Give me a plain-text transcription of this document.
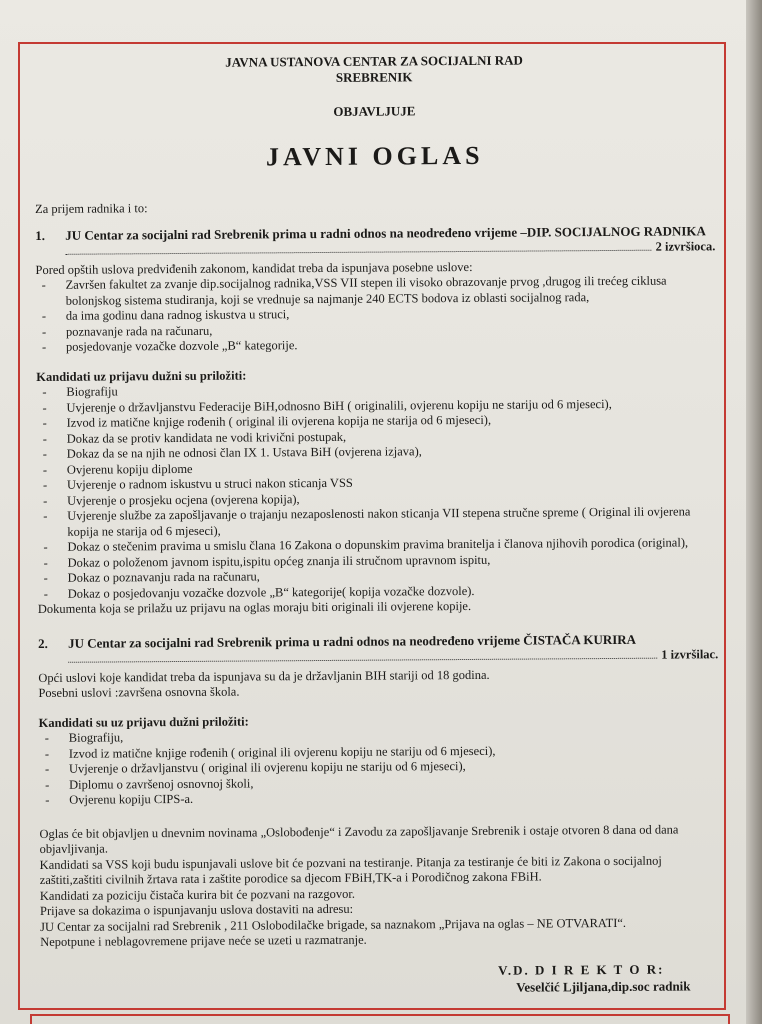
JAVNA USTANOVA CENTAR ZA SOCIJALNI RAD
SREBRENIK
OBJAVLJUJE
JAVNI OGLAS

Za prijem radnika i to:

1. JU Centar za socijalni rad Srebrenik prima u radni odnos na neodređeno vrijeme –DIP. SOCIJALNOG RADNIKA
2 izvršioca.

Pored opštih uslova predviđenih zakonom, kandidat treba da ispunjava posebne uslove:

- Završen fakultet za zvanje dip.socijalnog radnika,VSS VII stepen ili visoko obrazovanje prvog ,drugog ili trećeg ciklusa bolonjskog sistema studiranja, koji se vrednuje sa najmanje 240 ECTS bodova iz oblasti socijalnog rada,
- da ima godinu dana radnog iskustva u struci,
- poznavanje rada na računaru,
- posjedovanje vozačke dozvole „B“ kategorije.

Kandidati uz prijavu dužni su priložiti:

- Biografiju
- Uvjerenje o državljanstvu Federacije BiH,odnosno BiH ( originalili, ovjerenu kopiju ne stariju od 6 mjeseci),
- Izvod iz matične knjige rođenih ( original ili ovjerena kopija ne starija od 6 mjeseci),
- Dokaz da se protiv kandidata ne vodi krivični postupak,
- Dokaz da se na njih ne odnosi član IX 1. Ustava BiH (ovjerena izjava),
- Ovjerenu kopiju diplome
- Uvjerenje o radnom iskustvu u struci nakon sticanja VSS
- Uvjerenje o prosjeku ocjena (ovjerena kopija),
- Uvjerenje službe za zapošljavanje o trajanju nezaposlenosti nakon sticanja VII stepena stručne spreme ( Original ili ovjerena kopija ne starija od 6 mjeseci),
- Dokaz o stečenim pravima u smislu člana 16 Zakona o dopunskim pravima branitelja i članova njihovih porodica (original),
- Dokaz o položenom javnom ispitu,ispitu općeg znanja ili stručnom upravnom ispitu,
- Dokaz o poznavanju rada na računaru,
- Dokaz o posjedovanju vozačke dozvole „B“ kategorije( kopija vozačke dozvole).

Dokumenta koja se prilažu uz prijavu na oglas moraju biti originali ili ovjerene kopije.

2. JU Centar za socijalni rad Srebrenik prima u radni odnos na neodređeno vrijeme ČISTAČA KURIRA
1 izvršilac.

Opći uslovi koje kandidat treba da ispunjava su da je državljanin BIH stariji od 18 godina.

Posebni uslovi :završena osnovna škola.

Kandidati su uz prijavu dužni priložiti:

- Biografiju,
- Izvod iz matične knjige rođenih ( original ili ovjerenu kopiju ne stariju od 6 mjeseci),
- Uvjerenje o državljanstvu ( original ili ovjerenu kopiju ne stariju od 6 mjeseci),
- Diplomu o završenoj osnovnoj školi,
- Ovjerenu kopiju CIPS-a.

Oglas će bit objavljen u dnevnim novinama „Oslobođenje“ i Zavodu za zapošljavanje Srebrenik i ostaje otvoren 8 dana od dana objavljivanja.

Kandidati sa VSS koji budu ispunjavali uslove bit će pozvani na testiranje. Pitanja za testiranje će biti iz Zakona o socijalnoj zaštiti,zaštiti civilnih žrtava rata i zaštite porodice sa djecom FBiH,TK-a i Porodičnog zakona FBiH.

Kandidati za poziciju čistača kurira bit će pozvani na razgovor.

Prijave sa dokazima o ispunjavanju uslova dostaviti na adresu:

JU Centar za socijalni rad Srebrenik , 211 Oslobodilačke brigade, sa naznakom „Prijava na oglas – NE OTVARATI“.

Nepotpune i neblagovremene prijave neće se uzeti u razmatranje.

V.D. D I R E K T O R:
Veselčić Ljiljana,dip.soc radnik
